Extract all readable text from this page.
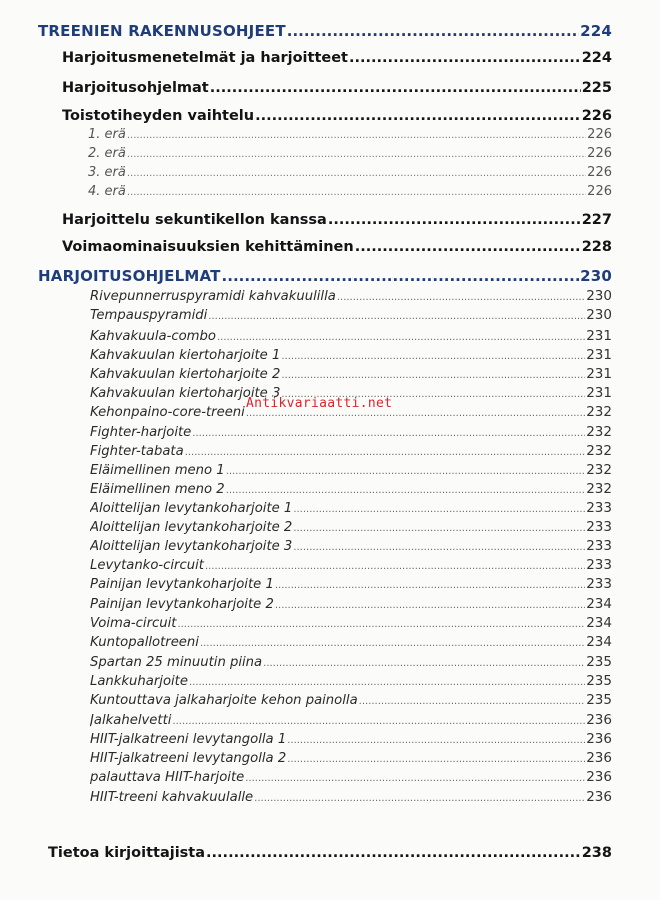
TREENIEN RAKENNUSOHJEET .....	224
Harjoitusmenetelmät ja harjoitteet .....	224
Harjoitusohjelmat .....	225
Toistotiheyden vaihtelu .....	226
1. erä .....	226
2. erä .....	226
3. erä .....	226
4. erä .....	226
Harjoittelu sekuntikellon kanssa .....	227
Voimaominaisuuksien kehittäminen .....	228
HARJOITUSOHJELMAT .....	230
Rivepunnerruspyramidi kahvakuulilla .....	230
Tempauspyramidi .....	230
Kahvakuula-combo .....	231
Kahvakuulan kiertoharjoite 1 .....	231
Kahvakuulan kiertoharjoite 2 .....	231
Kahvakuulan kiertoharjoite 3 .....	231
Kehonpaino-core-treeni .....	232
Fighter-harjoite .....	232
Fighter-tabata .....	232
Eläimellinen meno 1 .....	232
Eläimellinen meno 2 .....	232
Aloittelijan levytankoharjoite 1 .....	233
Aloittelijan levytankoharjoite 2 .....	233
Aloittelijan levytankoharjoite 3 .....	233
Levytanko-circuit .....	233
Painijan levytankoharjoite 1 .....	233
Painijan levytankoharjoite 2 .....	234
Voima-circuit .....	234
Kuntopallotreeni .....	234
Spartan 25 minuutin piina .....	235
Lankkuharjoite .....	235
Kuntouttava jalkaharjoite kehon painolla .....	235
Jalkahelvetti .....	236
HIIT-jalkatreeni levytangolla 1 .....	236
HIIT-jalkatreeni levytangolla 2 .....	236
palauttava HIIT-harjoite .....	236
HIIT-treeni kahvakuulalle .....	236
Tietoa kirjoittajista .....	238
Antikvariaatti.net
